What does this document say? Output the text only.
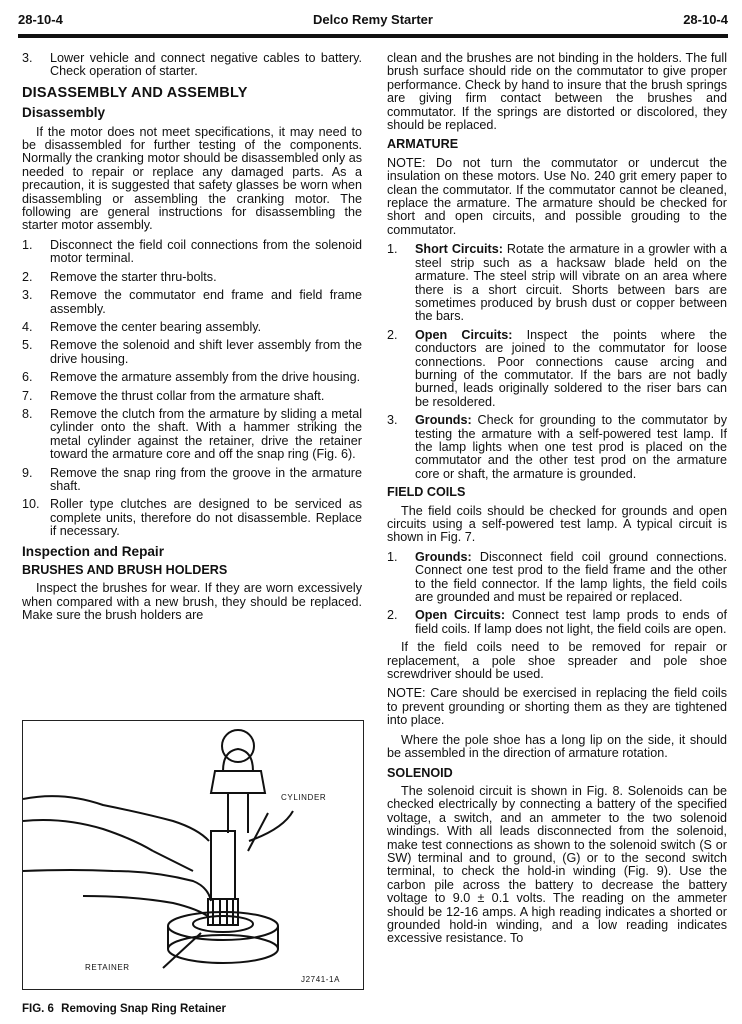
28-10-4	Delco Remy Starter	28-10-4
3.	Lower vehicle and connect negative cables to battery. Check operation of starter.
DISASSEMBLY AND ASSEMBLY
Disassembly

If the motor does not meet specifications, it may need to be disassembled for further testing of the components. Normally the cranking motor should be disassembled only as needed to repair or replace any damaged parts. As a precaution, it is suggested that safety glasses be worn when disassembling or assembling the cranking motor. The following are general instructions for disassembling the starter motor assembly.

1.	Disconnect the field coil connections from the solenoid motor terminal.
2.	Remove the starter thru-bolts.
3.	Remove the commutator end frame and field frame assembly.
4.	Remove the center bearing assembly.
5.	Remove the solenoid and shift lever assembly from the drive housing.
6.	Remove the armature assembly from the drive housing.
7.	Remove the thrust collar from the armature shaft.
8.	Remove the clutch from the armature by sliding a metal cylinder onto the shaft. With a hammer striking the metal cylinder against the retainer, drive the retainer toward the armature core and off the snap ring (Fig. 6).
9.	Remove the snap ring from the groove in the armature shaft.
10. Roller type clutches are designed to be serviced as complete units, therefore do not disassemble. Replace if necessary.
Inspection and Repair
BRUSHES AND BRUSH HOLDERS

Inspect the brushes for wear. If they are worn excessively when compared with a new brush, they should be replaced. Make sure the brush holders are

CYLINDER
RETAINER
J2741-1A
FIG. 6 Removing Snap Ring Retainer

clean and the brushes are not binding in the holders. The full brush surface should ride on the commutator to give proper performance. Check by hand to insure that the brush springs are giving firm contact between the brushes and commutator. If the springs are distorted or discolored, they should be replaced.

ARMATURE

NOTE: Do not turn the commutator or undercut the insulation on these motors. Use No. 240 grit emery paper to clean the commutator. If the commutator cannot be cleaned, replace the armature. The armature should be checked for short and open circuits, and possible grouding to the commutator.

1.	Short Circuits: Rotate the armature in a growler with a steel strip such as a hacksaw blade held on the armature. The steel strip will vibrate on an area where there is a short circuit. Shorts between bars are sometimes produced by brush dust or copper between the bars.
2.	Open Circuits: Inspect the points where the conductors are joined to the commutator for loose connections. Poor connections cause arcing and burning of the commutator. If the bars are not badly burned, leads originally soldered to the riser bars can be resoldered.
3.	Grounds: Check for grounding to the commutator by testing the armature with a self-powered test lamp. If the lamp lights when one test prod is placed on the commutator and the other test prod on the armature core or shaft, the armature is grounded.
FIELD COILS

The field coils should be checked for grounds and open circuits using a self-powered test lamp. A typical circuit is shown in Fig. 7.

1.	Grounds: Disconnect field coil ground connections. Connect one test prod to the field frame and the other to the field connector. If the lamp lights, the field coils are grounded and must be repaired or replaced.
2.	Open Circuits: Connect test lamp prods to ends of field coils. If lamp does not light, the field coils are open.

If the field coils need to be removed for repair or replacement, a pole shoe spreader and pole shoe screwdriver should be used.

NOTE: Care should be exercised in replacing the field coils to prevent grounding or shorting them as they are tightened into place.

Where the pole shoe has a long lip on the side, it should be assembled in the direction of armature rotation.

SOLENOID

The solenoid circuit is shown in Fig. 8. Solenoids can be checked electrically by connecting a battery of the specified voltage, a switch, and an ammeter to the two solenoid windings. With all leads disconnected from the solenoid, make test connections as shown to the solenoid switch (S or SW) terminal and to ground, (G) or to the second switch terminal, to check the hold-in winding (Fig. 9). Use the carbon pile across the battery to decrease the battery voltage to 9.0 ± 0.1 volts. The reading on the ammeter should be 12-16 amps. A high reading indicates a shorted or grounded hold-in winding, and a low reading indicates excessive resistance. To
